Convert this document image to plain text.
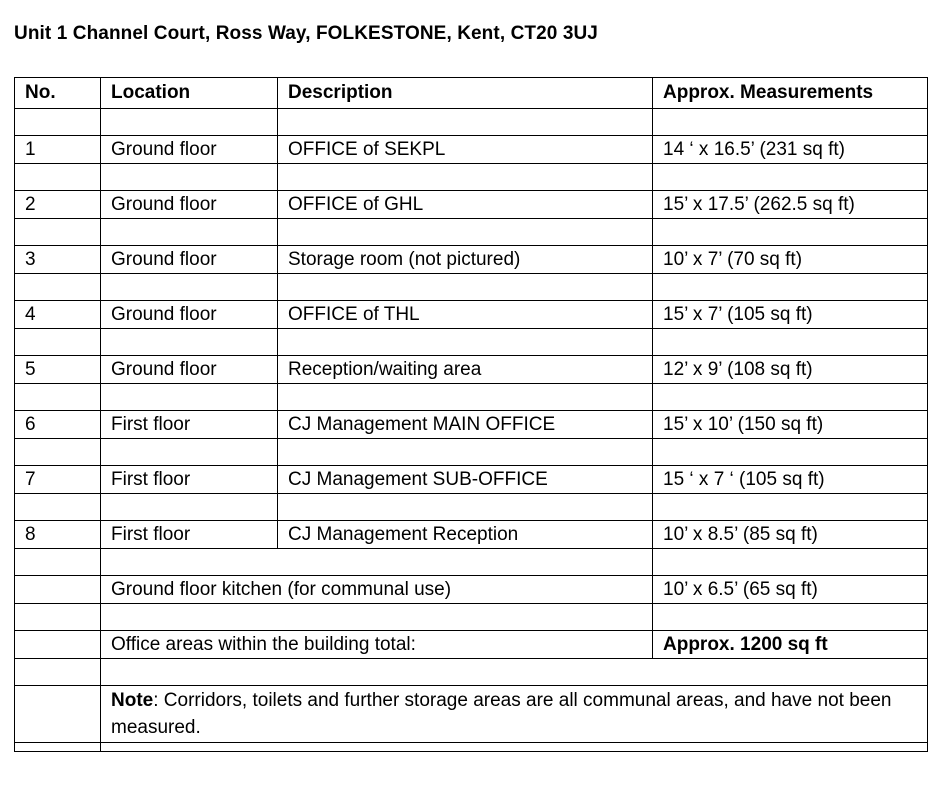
Unit 1 Channel Court, Ross Way, FOLKESTONE, Kent, CT20 3UJ
No.	Location	Description	Approx. Measurements

1	Ground floor	OFFICE of SEKPL	14 ‘ x 16.5’ (231 sq ft)

2	Ground floor	OFFICE of GHL	15’ x 17.5’ (262.5 sq ft)

3	Ground floor	Storage room (not pictured)	10’ x 7’ (70 sq ft)

4	Ground floor	OFFICE of THL	15’ x 7’ (105 sq ft)

5	Ground floor	Reception/waiting area	12’ x 9’ (108 sq ft)

6	First floor	CJ Management MAIN OFFICE	15’ x 10’ (150 sq ft)

7	First floor	CJ Management SUB-OFFICE	15 ‘ x 7 ‘ (105 sq ft)

8	First floor	CJ Management Reception	10’ x 8.5’ (85 sq ft)

	Ground floor kitchen (for communal use)		10’ x 6.5’ (65 sq ft)

	Office areas within the building total:		Approx. 1200 sq ft

	Note: Corridors, toilets and further storage areas are all communal areas, and have not been measured.		
